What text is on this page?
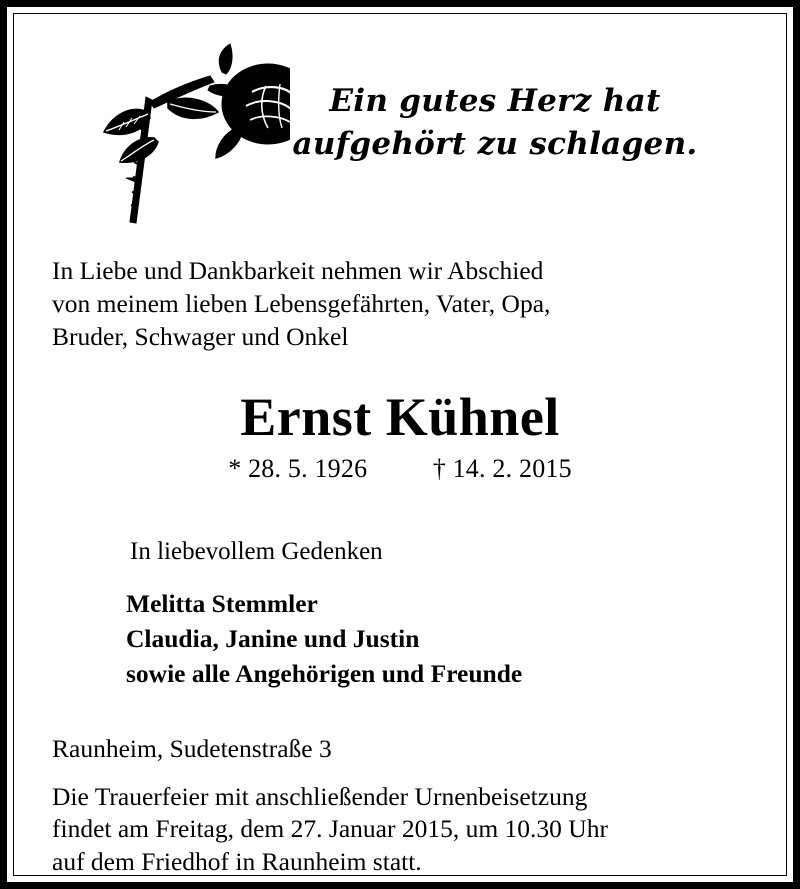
Ein gutes Herz hat
aufgehört zu schlagen.
In Liebe und Dankbarkeit nehmen wir Abschied
von meinem lieben Lebensgefährten, Vater, Opa,
Bruder, Schwager und Onkel
Ernst Kühnel
* 28. 5. 1926	† 14. 2. 2015
In liebevollem Gedenken
Melitta Stemmler
Claudia, Janine und Justin
sowie alle Angehörigen und Freunde
Raunheim, Sudetenstraße 3
Die Trauerfeier mit anschließender Urnenbeisetzung
findet am Freitag, dem 27. Januar 2015, um 10.30 Uhr
auf dem Friedhof in Raunheim statt.
